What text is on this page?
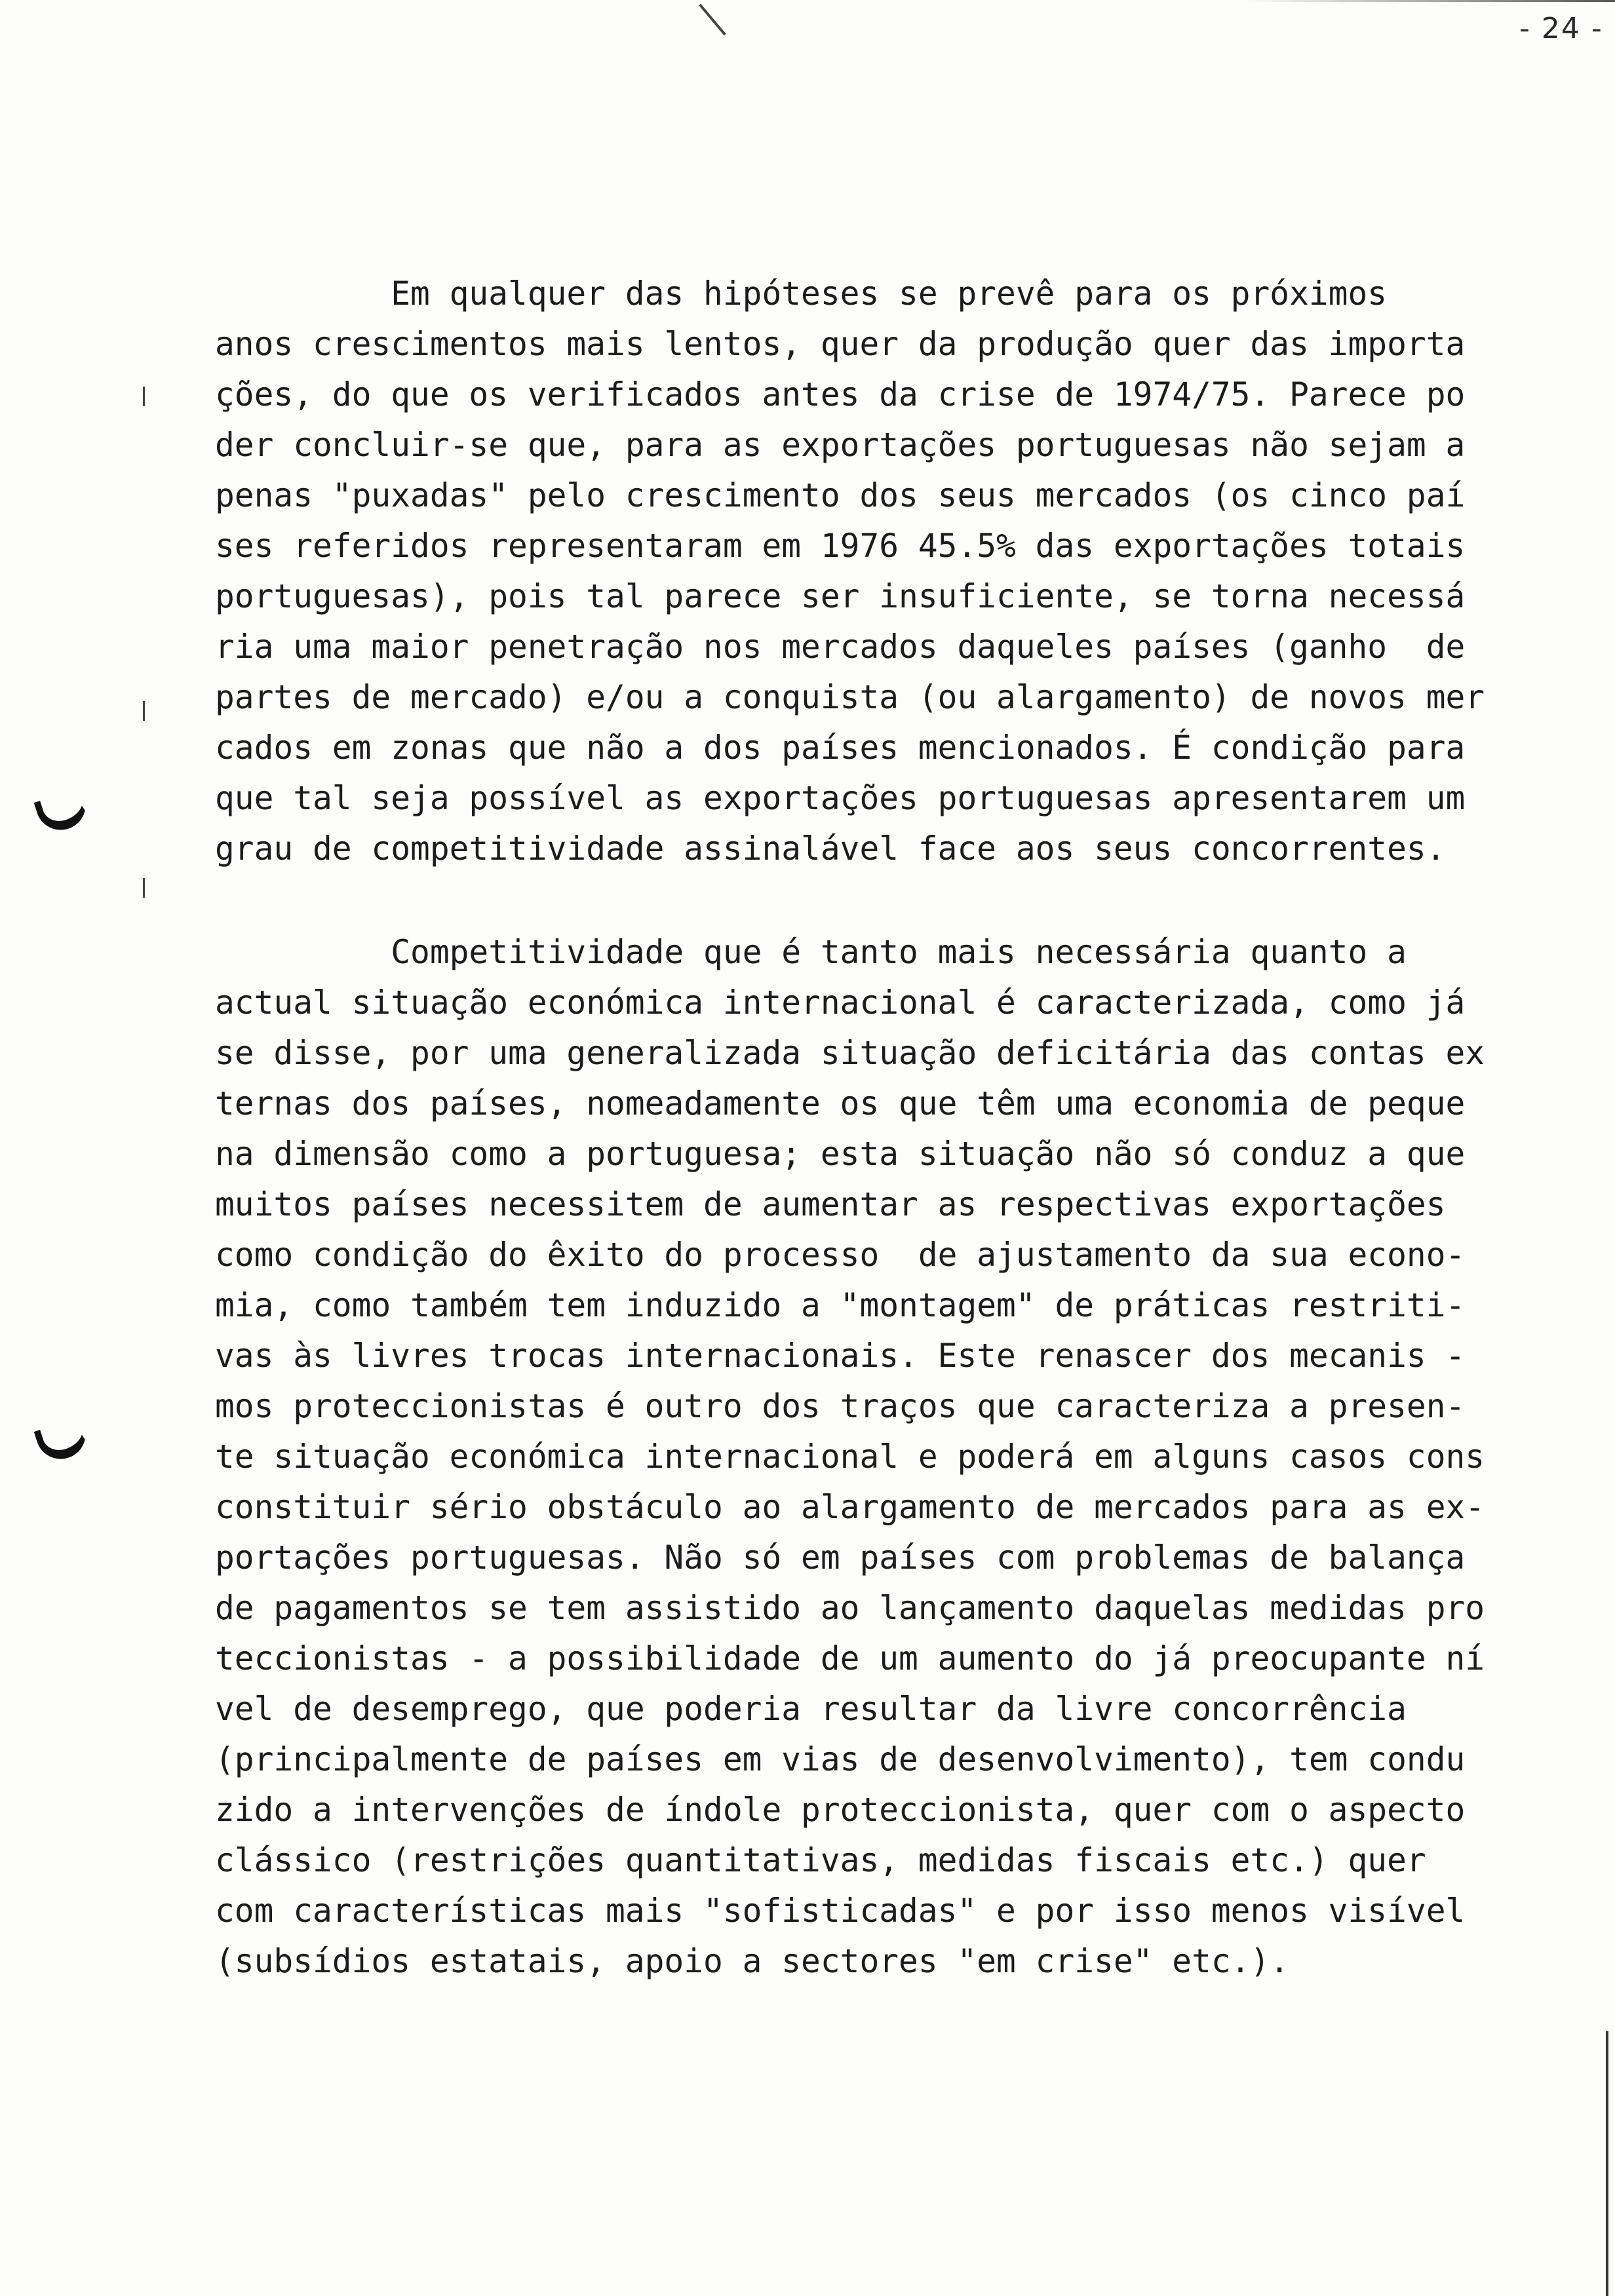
- 24 -
Em qualquer das hipóteses se prevê para os próximos
anos crescimentos mais lentos, quer da produção quer das importa
ções, do que os verificados antes da crise de 1974/75. Parece po
der concluir-se que, para as exportações portuguesas não sejam a
penas "puxadas" pelo crescimento dos seus mercados (os cinco paí
ses referidos representaram em 1976 45.5% das exportações totais
portuguesas), pois tal parece ser insuficiente, se torna necessá
ria uma maior penetração nos mercados daqueles países (ganho  de
partes de mercado) e/ou a conquista (ou alargamento) de novos mer
cados em zonas que não a dos países mencionados. É condição para
que tal seja possível as exportações portuguesas apresentarem um
grau de competitividade assinalável face aos seus concorrentes.
Competitividade que é tanto mais necessária quanto a
actual situação económica internacional é caracterizada, como já
se disse, por uma generalizada situação deficitária das contas ex
ternas dos países, nomeadamente os que têm uma economia de peque
na dimensão como a portuguesa; esta situação não só conduz a que
muitos países necessitem de aumentar as respectivas exportações
como condição do êxito do processo  de ajustamento da sua econo-
mia, como também tem induzido a "montagem" de práticas restriti-
vas às livres trocas internacionais. Este renascer dos mecanis -
mos proteccionistas é outro dos traços que caracteriza a presen-
te situação económica internacional e poderá em alguns casos cons
constituir sério obstáculo ao alargamento de mercados para as ex-
portações portuguesas. Não só em países com problemas de balança
de pagamentos se tem assistido ao lançamento daquelas medidas pro
teccionistas - a possibilidade de um aumento do já preocupante ní
vel de desemprego, que poderia resultar da livre concorrência
(principalmente de países em vias de desenvolvimento), tem condu
zido a intervenções de índole proteccionista, quer com o aspecto
clássico (restrições quantitativas, medidas fiscais etc.) quer
com características mais "sofisticadas" e por isso menos visível
(subsídios estatais, apoio a sectores "em crise" etc.).
